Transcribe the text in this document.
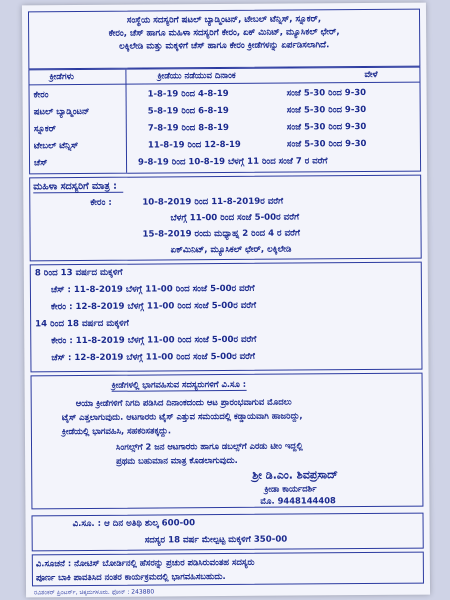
ಸಂಸ್ಥೆಯ ಸದಸ್ಯರಿಗೆ ಷಟಲ್ ಬ್ಯಾಡ್ಮಿಂಟನ್, ಟೇಬಲ್ ಟೆನ್ನಿಸ್, ಸ್ನೂಕರ್,
ಕೇರಂ, ಚೆಸ್ ಹಾಗೂ ಮಹಿಳಾ ಸದಸ್ಯರಿಗೆ ಕೇರಂ, ಏಕ್ ಮಿನಿಟ್, ಮ್ಯೂಸಿಕಲ್ ಛೇರ್,
ಲಕ್ಕಿಲೇಡಿ ಮತ್ತು ಮಕ್ಕಳಿಗೆ ಚೆಸ್ ಹಾಗೂ ಕೇರಂ ಕ್ರೀಡೆಗಳನ್ನು ಏರ್ಪಡಿಸಲಾಗಿದೆ.
ಕ್ರೀಡೆಗಳು	ಕ್ರೀಡೆಯು ನಡೆಯುವ ದಿನಾಂಕ	ವೇಳೆ
ಕೇರಂ	1-8-19 ರಿಂದ 4-8-19	ಸಂಜೆ 5-30 ರಿಂದ 9-30
ಷಟಲ್ ಬ್ಯಾಡ್ಮಿಂಟನ್	5-8-19 ರಿಂದ 6-8-19	ಸಂಜೆ 5-30 ರಿಂದ 9-30
ಸ್ನೂಕರ್	7-8-19 ರಿಂದ 8-8-19	ಸಂಜೆ 5-30 ರಿಂದ 9-30
ಟೇಬಲ್ ಟೆನ್ನಿಸ್	11-8-19 ರಿಂದ 12-8-19	ಸಂಜೆ 5-30 ರಿಂದ 9-30
ಚೆಸ್	9-8-19 ರಿಂದ 10-8-19 ಬೆಳಗ್ಗೆ 11 ರಿಂದ ಸಂಜೆ 7 ರ ವರೆಗೆ
ಮಹಿಳಾ ಸದಸ್ಯರಿಗೆ ಮಾತ್ರ :
ಕೇರಂ :	10-8-2019 ರಿಂದ 11-8-2019ರ ವರೆಗೆ
ಬೆಳಗ್ಗೆ 11-00 ರಿಂದ ಸಂಜೆ 5-00ರ ವರೆಗೆ
15-8-2019 ರಂದು ಮಧ್ಯಾಹ್ನ 2 ರಿಂದ 4 ರ ವರೆಗೆ
ಏಕ್‌ಮಿನಿಟ್, ಮ್ಯೂಸಿಕಲ್ ಛೇರ್, ಲಕ್ಕಿಲೇಡಿ
8 ರಿಂದ 13 ವರ್ಷದ ಮಕ್ಕಳಿಗೆ
ಚೆಸ್ : 11-8-2019 ಬೆಳಗ್ಗೆ 11-00 ರಿಂದ ಸಂಜೆ 5-00ರ ವರೆಗೆ
ಕೇರಂ : 12-8-2019 ಬೆಳಗ್ಗೆ 11-00 ರಿಂದ ಸಂಜೆ 5-00ರ ವರೆಗೆ
14 ರಿಂದ 18 ವರ್ಷದ ಮಕ್ಕಳಿಗೆ
ಕೇರಂ : 11-8-2019 ಬೆಳಗ್ಗೆ 11-00 ರಿಂದ ಸಂಜೆ 5-00ರ ವರೆಗೆ
ಚೆಸ್ : 12-8-2019 ಬೆಳಗ್ಗೆ 11-00 ರಿಂದ ಸಂಜೆ 5-00ರ ವರೆಗೆ
ಕ್ರೀಡೆಗಳಲ್ಲಿ ಭಾಗವಹಿಸುವ ಸದಸ್ಯರುಗಳಿಗೆ ವಿ.ಸೂ :
ಆಯಾ ಕ್ರೀಡೆಗಳಿಗೆ ನಿಗದಿ ಪಡಿಸಿದ ದಿನಾಂಕದಂದು ಆಟ ಪ್ರಾರಂಭವಾಗುವ ಮೊದಲು
ಟೈಸ್ ಎತ್ತಲಾಗುವುದು. ಆಟಗಾರರು ಟೈಸ್ ಎತ್ತುವ ಸಮಯದಲ್ಲಿ ಕಡ್ಡಾಯವಾಗಿ ಹಾಜರಿದ್ದು,
ಕ್ರೀಡೆಯಲ್ಲಿ ಭಾಗವಹಿಸಿ, ಸಹಕರಿಸತಕ್ಕದ್ದು.
ಸಿಂಗಲ್ಸ್‌ಗೆ 2 ಜನ ಆಟಗಾರರು ಹಾಗೂ ಡಬಲ್ಸ್‌ಗೆ ಎರಡು ಟೀಂ ಇದ್ದಲ್ಲಿ
ಪ್ರಥಮ ಬಹುಮಾನ ಮಾತ್ರ ಕೊಡಲಾಗುವುದು.
ಶ್ರೀ ಡಿ.ಎಂ. ಶಿವಪ್ರಸಾದ್
ಕ್ರೀಡಾ ಕಾರ್ಯದರ್ಶಿ
ಮೊ. 9448144408
ವಿ.ಸೂ. : ಆ ದಿನ ಅತಿಥಿ ಶುಲ್ಕ 600-00
ಸದಸ್ಯರ 18 ವರ್ಷ ಮೇಲ್ಪಟ್ಟ ಮಕ್ಕಳಿಗೆ 350-00
ವಿ.ಸೂಚನೆ : ನೋಟಿಸ್ ಬೋರ್ಡಿನಲ್ಲಿ ಹೆಸರನ್ನು ಪ್ರಚುರ ಪಡಿಸಿರುವಂತಹ ಸದಸ್ಯರು
ಪೂರ್ಣ ಬಾಕಿ ಪಾವತಿಸಿದ ನಂತರ ಕಾರ್ಯಕ್ರಮದಲ್ಲಿ ಭಾಗವಹಿಸಬಹುದು.
ರವಿಶಂಕರ್ ಪ್ರಿಂಟರ್ಸ್, ಚಿಕ್ಕಮಗಳೂರು. ಫೋನ್ : 243880
